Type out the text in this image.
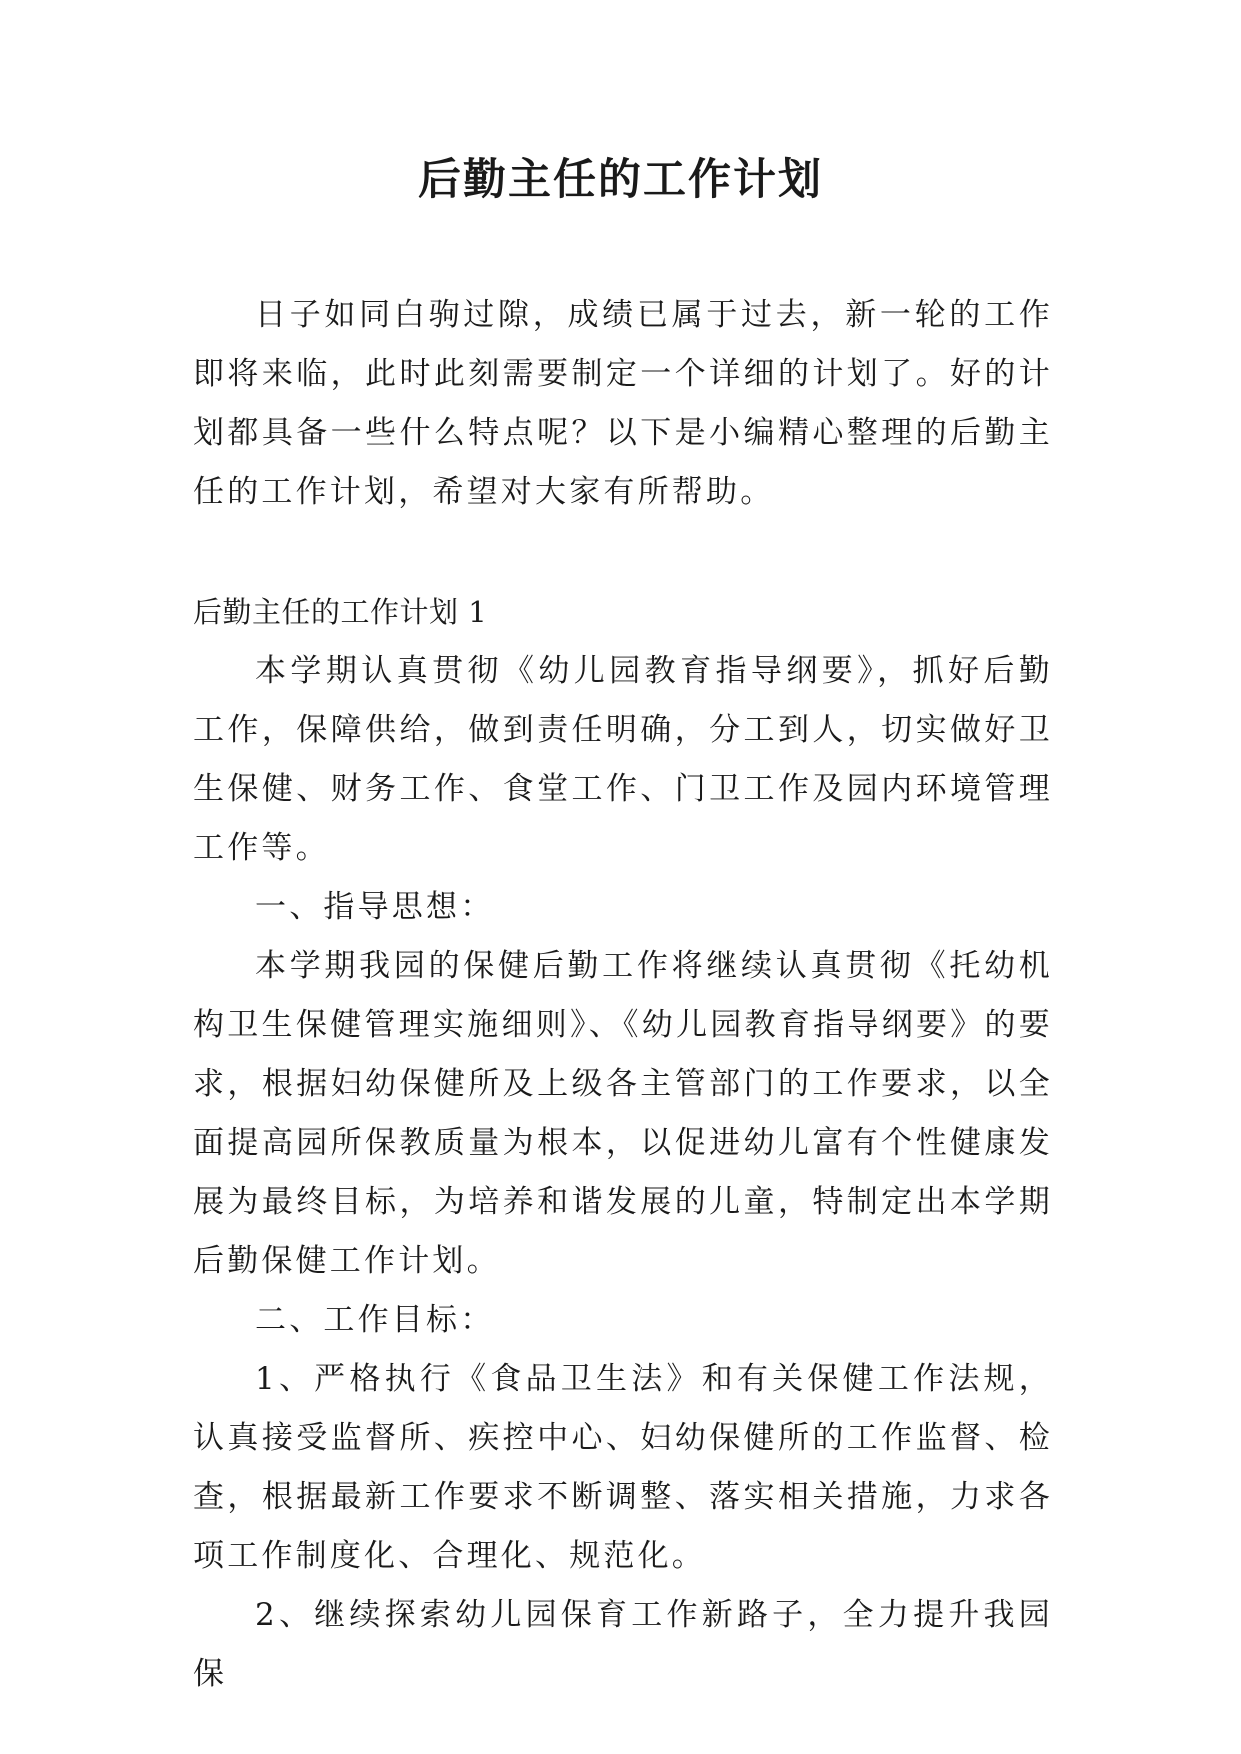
后勤主任的工作计划

日子如同白驹过隙，成绩已属于过去，新一轮的工作即将来临，此时此刻需要制定一个详细的计划了。好的计划都具备一些什么特点呢？以下是小编精心整理的后勤主任的工作计划，希望对大家有所帮助。

后勤主任的工作计划 1

本学期认真贯彻《幼儿园教育指导纲要》，抓好后勤工作，保障供给，做到责任明确，分工到人，切实做好卫生保健、财务工作、食堂工作、门卫工作及园内环境管理工作等。

一、指导思想：

本学期我园的保健后勤工作将继续认真贯彻《托幼机构卫生保健管理实施细则》、《幼儿园教育指导纲要》的要求，根据妇幼保健所及上级各主管部门的工作要求，以全面提高园所保教质量为根本，以促进幼儿富有个性健康发展为最终目标，为培养和谐发展的儿童，特制定出本学期后勤保健工作计划。

二、工作目标：

1、严格执行《食品卫生法》和有关保健工作法规，认真接受监督所、疾控中心、妇幼保健所的工作监督、检查，根据最新工作要求不断调整、落实相关措施，力求各项工作制度化、合理化、规范化。

2、继续探索幼儿园保育工作新路子，全力提升我园保
